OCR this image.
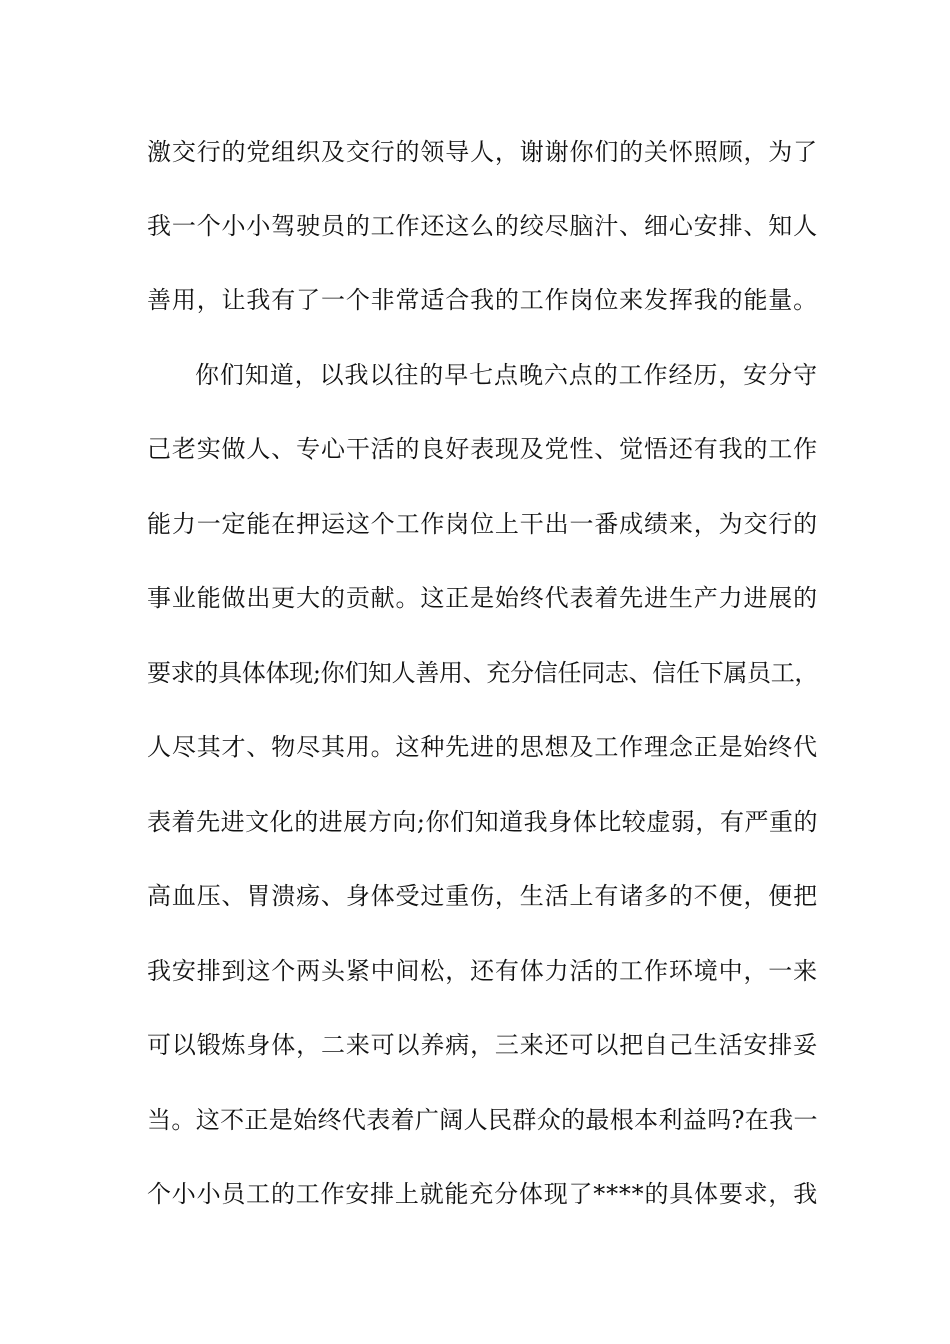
激交行的党组织及交行的领导人，谢谢你们的关怀照顾，为了
我一个小小驾驶员的工作还这么的绞尽脑汁、细心安排、知人
善用，让我有了一个非常适合我的工作岗位来发挥我的能量。
你们知道，以我以往的早七点晚六点的工作经历，安分守
己老实做人、专心干活的良好表现及党性、觉悟还有我的工作
能力一定能在押运这个工作岗位上干出一番成绩来，为交行的
事业能做出更大的贡献。这正是始终代表着先进生产力进展的
要求的具体体现;你们知人善用、充分信任同志、信任下属员工，
人尽其才、物尽其用。这种先进的思想及工作理念正是始终代
表着先进文化的进展方向;你们知道我身体比较虚弱，有严重的
高血压、胃溃疡、身体受过重伤，生活上有诸多的不便，便把
我安排到这个两头紧中间松，还有体力活的工作环境中，一来
可以锻炼身体，二来可以养病，三来还可以把自己生活安排妥
当。这不正是始终代表着广阔人民群众的最根本利益吗?在我一
个小小员工的工作安排上就能充分体现了****的具体要求，我
